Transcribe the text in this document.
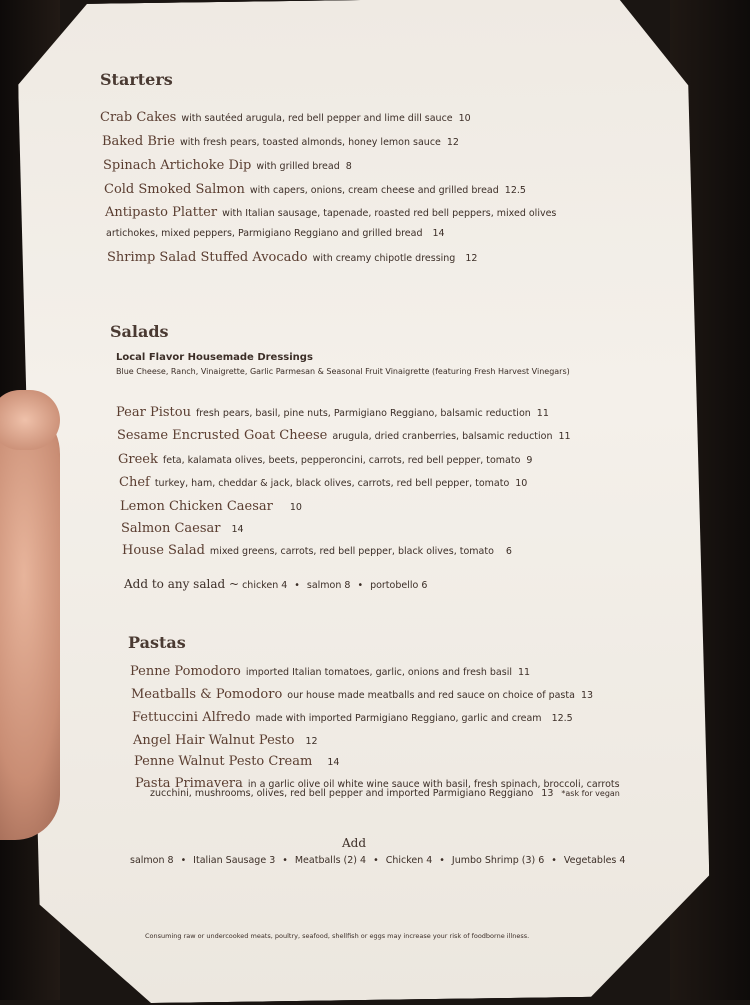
Starters
Crab Cakes with sautéed arugula, red bell pepper and lime dill sauce 10
Baked Brie with fresh pears, toasted almonds, honey lemon sauce 12
Spinach Artichoke Dip with grilled bread 8
Cold Smoked Salmon with capers, onions, cream cheese and grilled bread 12.5
Antipasto Platter with Italian sausage, tapenade, roasted red bell peppers, mixed olives
artichokes, mixed peppers, Parmigiano Reggiano and grilled bread 14
Shrimp Salad Stuffed Avocado with creamy chipotle dressing 12
Salads
Local Flavor Housemade Dressings
Blue Cheese, Ranch, Vinaigrette, Garlic Parmesan & Seasonal Fruit Vinaigrette (featuring Fresh Harvest Vinegars)
Pear Pistou fresh pears, basil, pine nuts, Parmigiano Reggiano, balsamic reduction 11
Sesame Encrusted Goat Cheese arugula, dried cranberries, balsamic reduction 11
Greek feta, kalamata olives, beets, pepperoncini, carrots, red bell pepper, tomato 9
Chef turkey, ham, cheddar & jack, black olives, carrots, red bell pepper, tomato 10
Lemon Chicken Caesar 10
Salmon Caesar 14
House Salad mixed greens, carrots, red bell pepper, black olives, tomato 6
Add to any salad ~ chicken 4 • salmon 8 • portobello 6
Pastas
Penne Pomodoro imported Italian tomatoes, garlic, onions and fresh basil 11
Meatballs & Pomodoro our house made meatballs and red sauce on choice of pasta 13
Fettuccini Alfredo made with imported Parmigiano Reggiano, garlic and cream 12.5
Angel Hair Walnut Pesto 12
Penne Walnut Pesto Cream 14
Pasta Primavera in a garlic olive oil white wine sauce with basil, fresh spinach, broccoli, carrots
zucchini, mushrooms, olives, red bell pepper and imported Parmigiano Reggiano 13 *ask for vegan
Add
salmon 8 • Italian Sausage 3 • Meatballs (2) 4 • Chicken 4 • Jumbo Shrimp (3) 6 • Vegetables 4
Consuming raw or undercooked meats, poultry, seafood, shellfish or eggs may increase your risk of foodborne illness.
